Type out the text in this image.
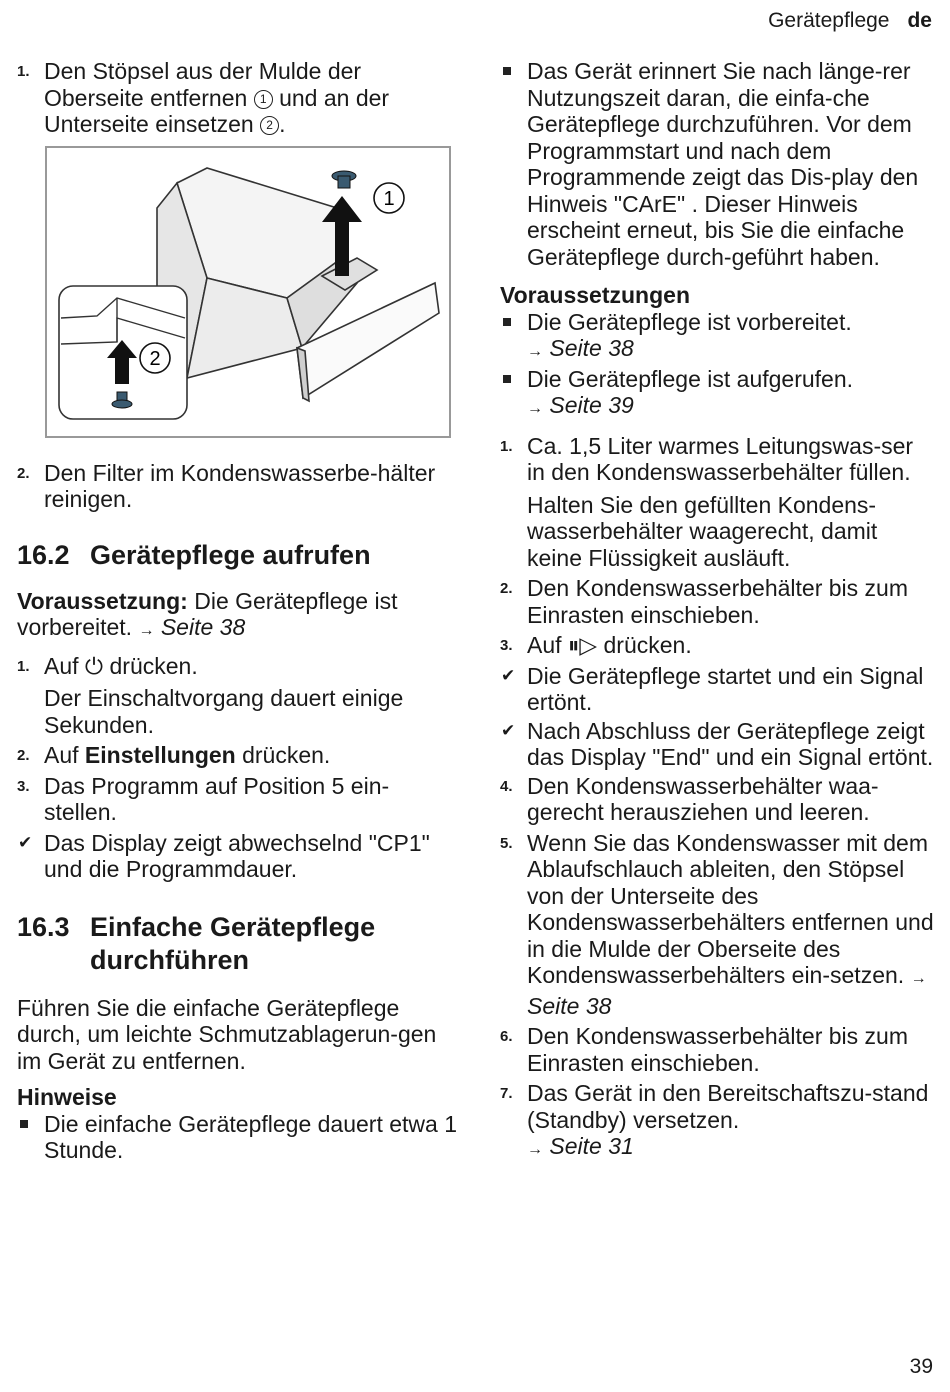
Gerätepflege de
1. Den Stöpsel aus der Mulde der Oberseite entfernen 1 und an der Unterseite einsetzen 2 .
1
2
2. Den Filter im Kondenswasserbe-hälter reinigen.
16.2 Gerätepflege aufrufen

Voraussetzung: Die Gerätepflege ist vorbereitet. → Seite 38

1. Auf ⏻ drücken.

Der Einschaltvorgang dauert einige Sekunden.

2. Auf Einstellungen drücken.
3. Das Programm auf Position 5 ein-stellen.
✔ Das Display zeigt abwechselnd "CP1" und die Programmdauer.
16.3 Einfache Gerätepflege
durchführen

Führen Sie die einfache Gerätepflege durch, um leichte Schmutzablagerun-gen im Gerät zu entfernen.

Hinweise

Die einfache Gerätepflege dauert etwa 1 Stunde.

Das Gerät erinnert Sie nach länge-rer Nutzungszeit daran, die einfa-che Gerätepflege durchzuführen. Vor dem Programmstart und nach dem Programmende zeigt das Dis-play den Hinweis "CArE" . Dieser Hinweis erscheint erneut, bis Sie die einfache Gerätepflege durch-geführt haben.

Voraussetzungen

Die Gerätepflege ist vorbereitet.
→ Seite 38

Die Gerätepflege ist aufgerufen.
→ Seite 39

1. Ca. 1,5 Liter warmes Leitungswas-ser in den Kondenswasserbehälter füllen.

Halten Sie den gefüllten Kondens-wasserbehälter waagerecht, damit keine Flüssigkeit ausläuft.

2. Den Kondenswasserbehälter bis zum Einrasten einschieben.
3. Auf ⏸▷ drücken.
✔ Die Gerätepflege startet und ein Signal ertönt.
✔ Nach Abschluss der Gerätepflege zeigt das Display "End" und ein Signal ertönt.
4. Den Kondenswasserbehälter waa-gerecht herausziehen und leeren.
5. Wenn Sie das Kondenswasser mit dem Ablaufschlauch ableiten, den Stöpsel von der Unterseite des Kondenswasserbehälters entfernen und in die Mulde der Oberseite des Kondenswasserbehälters ein-setzen. → Seite 38
6. Den Kondenswasserbehälter bis zum Einrasten einschieben.
7. Das Gerät in den Bereitschaftszu-stand (Standby) versetzen.
→ Seite 31
39
